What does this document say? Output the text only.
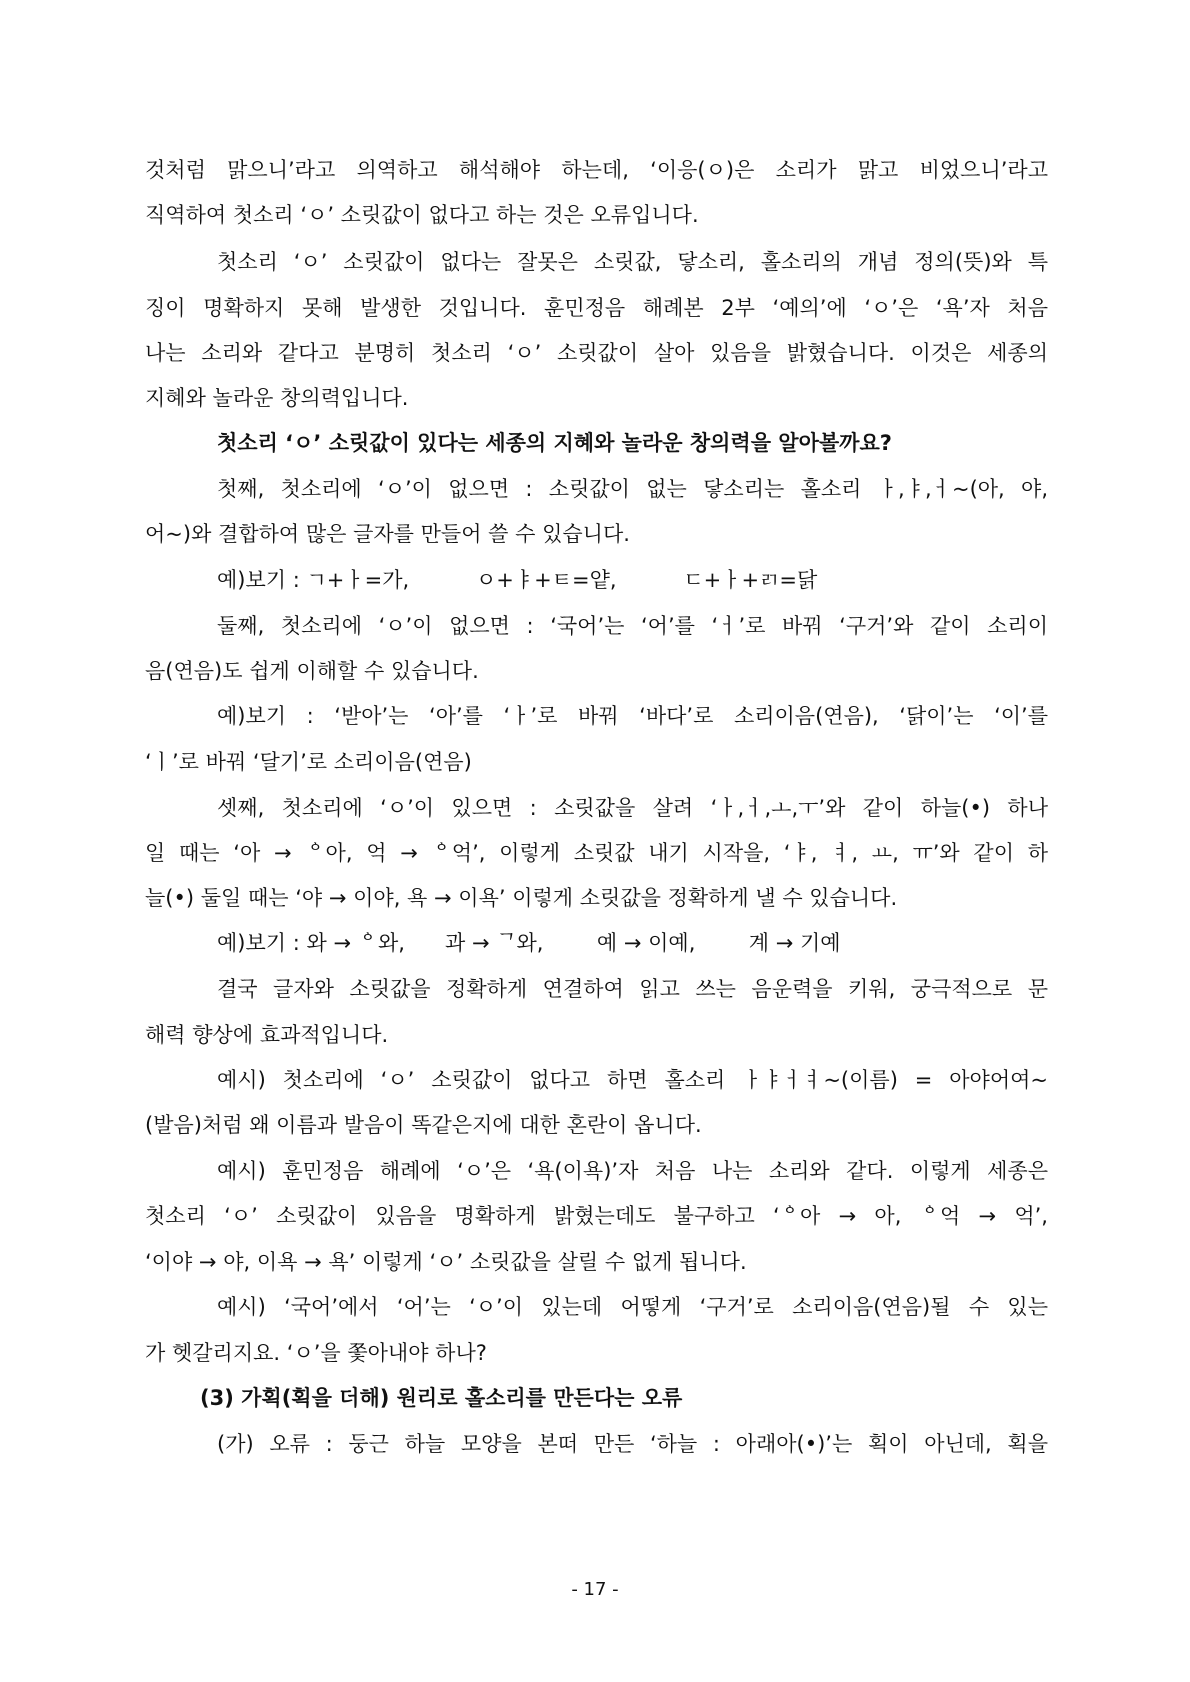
것처럼 맑으니’라고 의역하고 해석해야 하는데, ‘이응(ㅇ)은 소리가 맑고 비었으니’라고
직역하여 첫소리 ‘ㅇ’ 소릿값이 없다고 하는 것은 오류입니다.
첫소리 ‘ㅇ’ 소릿값이 없다는 잘못은 소릿값, 닿소리, 홀소리의 개념 정의(뜻)와 특
징이 명확하지 못해 발생한 것입니다. 훈민정음 해례본 2부 ‘예의’에 ‘ㅇ’은 ‘욕’자 처음
나는 소리와 같다고 분명히 첫소리 ‘ㅇ’ 소릿값이 살아 있음을 밝혔습니다. 이것은 세종의
지혜와 놀라운 창의력입니다.
첫소리 ‘ㅇ’ 소릿값이 있다는 세종의 지혜와 놀라운 창의력을 알아볼까요?
첫째, 첫소리에 ‘ㅇ’이 없으면 : 소릿값이 없는 닿소리는 홀소리 ㅏ,ㅑ,ㅓ~(아, 야,
어~)와 결합하여 많은 글자를 만들어 쓸 수 있습니다.
예)보기 : ㄱ+ㅏ=가,          ㅇ+ㅑ+ㅌ=얕,          ㄷ+ㅏ+ㄺ=닭
둘째, 첫소리에 ‘ㅇ’이 없으면 : ‘국어’는 ‘어’를 ‘ㅓ’로 바꿔 ‘구거’와 같이 소리이
음(연음)도 쉽게 이해할 수 있습니다.
예)보기 : ‘받아’는 ‘아’를 ‘ㅏ’로 바꿔 ‘바다’로 소리이음(연음), ‘닭이’는 ‘이’를
‘ㅣ’로 바꿔 ‘달기’로 소리이음(연음)
셋째, 첫소리에 ‘ㅇ’이 있으면 : 소릿값을 살려 ‘ㅏ,ㅓ,ㅗ,ㅜ’와 같이 하늘(•) 하나
일 때는 ‘아 → ᅌ아, 억 → ᅌ억’, 이렇게 소릿값 내기 시작을, ‘ㅑ, ㅕ, ㅛ, ㅠ’와 같이 하
늘(•) 둘일 때는 ‘야 → 이야, 욕 → 이욕’ 이렇게 소릿값을 정확하게 낼 수 있습니다.
예)보기 : 와 → ᅌ와,      과 → ᄀ와,        예 → 이예,        계 → 기예
결국 글자와 소릿값을 정확하게 연결하여 읽고 쓰는 음운력을 키워, 궁극적으로 문
해력 향상에 효과적입니다.
예시) 첫소리에 ‘ㅇ’ 소릿값이 없다고 하면 홀소리 ㅏㅑㅓㅕ~(이름) = 아야어여~
(발음)처럼 왜 이름과 발음이 똑같은지에 대한 혼란이 옵니다.
예시) 훈민정음 해례에 ‘ㅇ’은 ‘욕(이욕)’자 처음 나는 소리와 같다. 이렇게 세종은
첫소리 ‘ㅇ’ 소릿값이 있음을 명확하게 밝혔는데도 불구하고 ‘ᅌ아 → 아, ᅌ억 → 억’,
‘이야 → 야, 이욕 → 욕’ 이렇게 ‘ㅇ’ 소릿값을 살릴 수 없게 됩니다.
예시) ‘국어’에서 ‘어’는 ‘ㅇ’이 있는데 어떻게 ‘구거’로 소리이음(연음)될 수 있는
가 헷갈리지요. ‘ㅇ’을 쫓아내야 하나?
(3) 가획(획을 더해) 원리로 홀소리를 만든다는 오류
(가) 오류 : 둥근 하늘 모양을 본떠 만든 ‘하늘 : 아래아(•)’는 획이 아닌데, 획을
- 17 -
